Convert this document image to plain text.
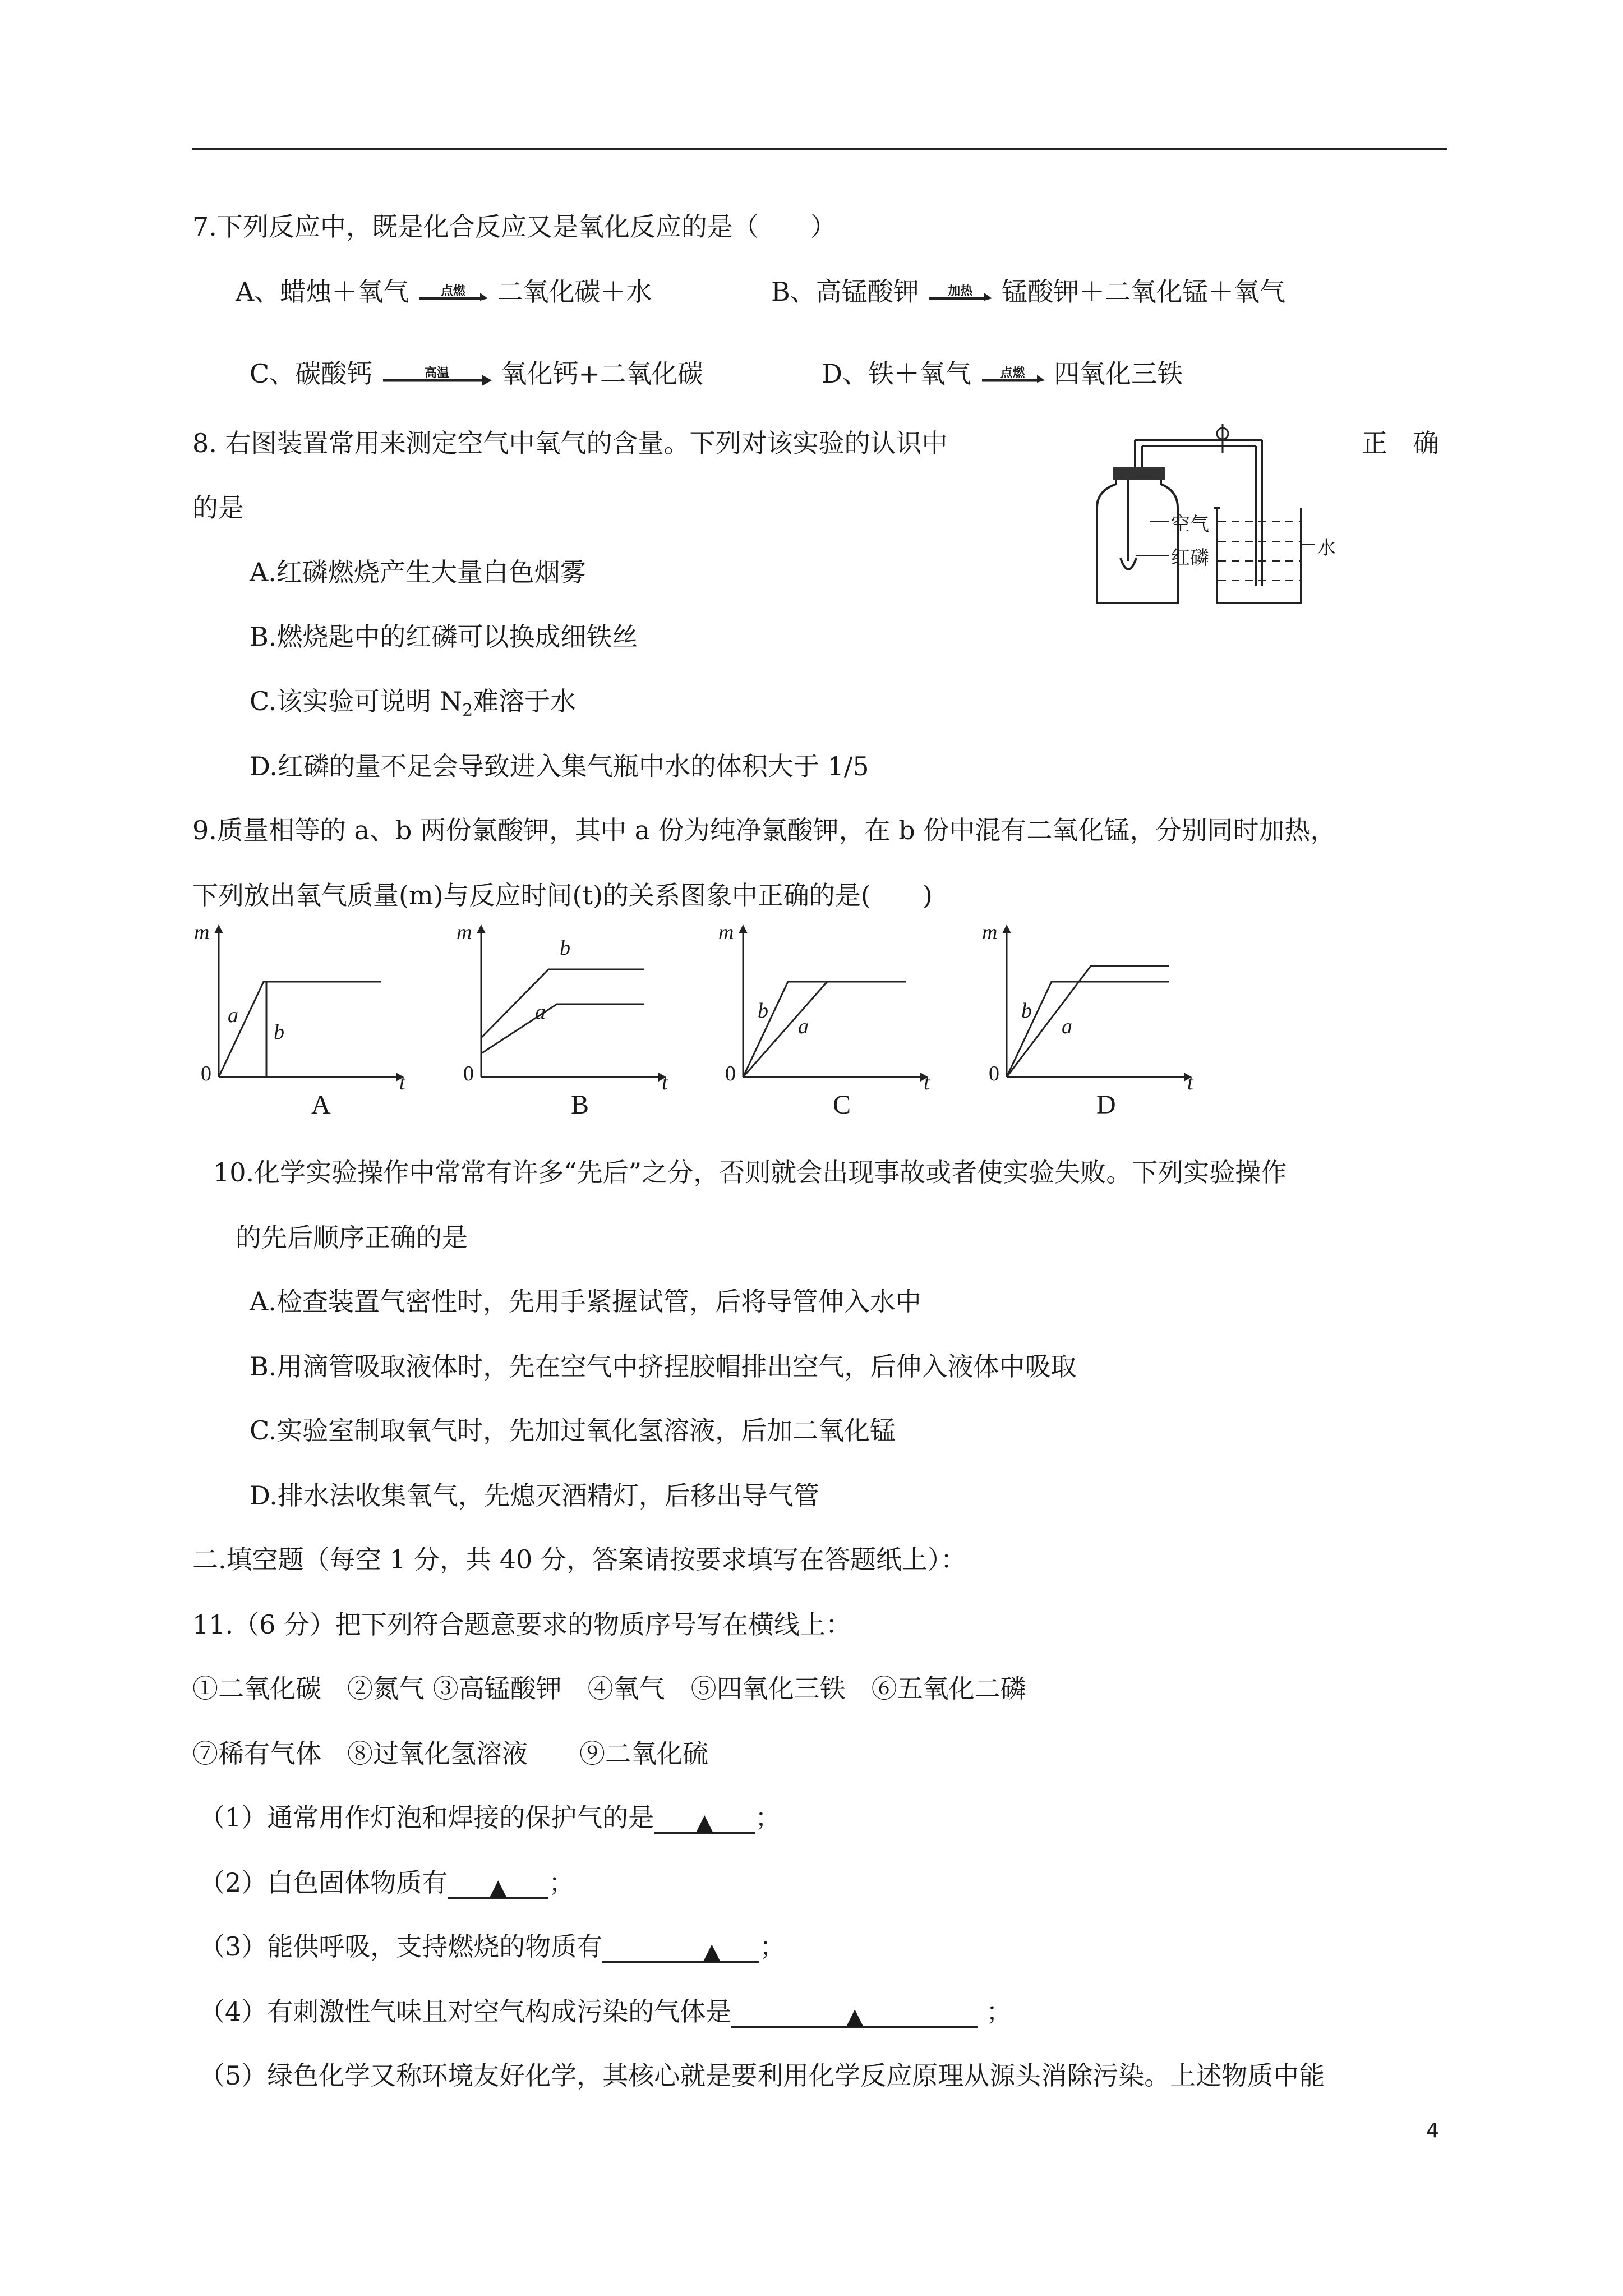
7.下列反应中，既是化合反应又是氧化反应的是（　　）
A、蜡烛＋氧气	点燃	二氧化碳＋水	B、高锰酸钾	加热	锰酸钾＋二氧化锰＋氧气
C、碳酸钙	高温	氧化钙+二氧化碳	D、铁＋氧气	点燃	四氧化三铁
8. 右图装置常用来测定空气中氧气的含量。下列对该实验的认识中	正　确
的是
空气
红磷	水
A.红磷燃烧产生大量白色烟雾
B.燃烧匙中的红磷可以换成细铁丝
C.该实验可说明 $N_2$难溶于水
D.红磷的量不足会导致进入集气瓶中水的体积大于 1/5
9.质量相等的 a、b 两份氯酸钾，其中 a 份为纯净氯酸钾，在 b 份中混有二氧化锰，分别同时加热，
下列放出氧气质量(m)与反应时间(t)的关系图象中正确的是(　　)
m
0	t
a
b
A
m
0	t
b
a
B
m
0	t
b
a
C
m
0	t
b
a
D
10.化学实验操作中常常有许多“先后”之分，否则就会出现事故或者使实验失败。下列实验操作
的先后顺序正确的是
A.检查装置气密性时，先用手紧握试管，后将导管伸入水中
B.用滴管吸取液体时，先在空气中挤捏胶帽排出空气，后伸入液体中吸取
C.实验室制取氧气时，先加过氧化氢溶液，后加二氧化锰
D.排水法收集氧气，先熄灭酒精灯，后移出导气管
二.填空题（每空 1 分，共 40 分，答案请按要求填写在答题纸上）：
11.（6 分）把下列符合题意要求的物质序号写在横线上：
①二氧化碳　②氮气 ③高锰酸钾　④氧气　⑤四氧化三铁　⑥五氧化二磷
⑦稀有气体　⑧过氧化氢溶液　　⑨二氧化硫
（1）通常用作灯泡和焊接的保护气的是 ▲ ；
（2）白色固体物质有 ▲ ；
（3）能供呼吸，支持燃烧的物质有	▲ ；
（4）有刺激性气味且对空气构成污染的气体是	▲	；
（5）绿色化学又称环境友好化学，其核心就是要利用化学反应原理从源头消除污染。上述物质中能
4
